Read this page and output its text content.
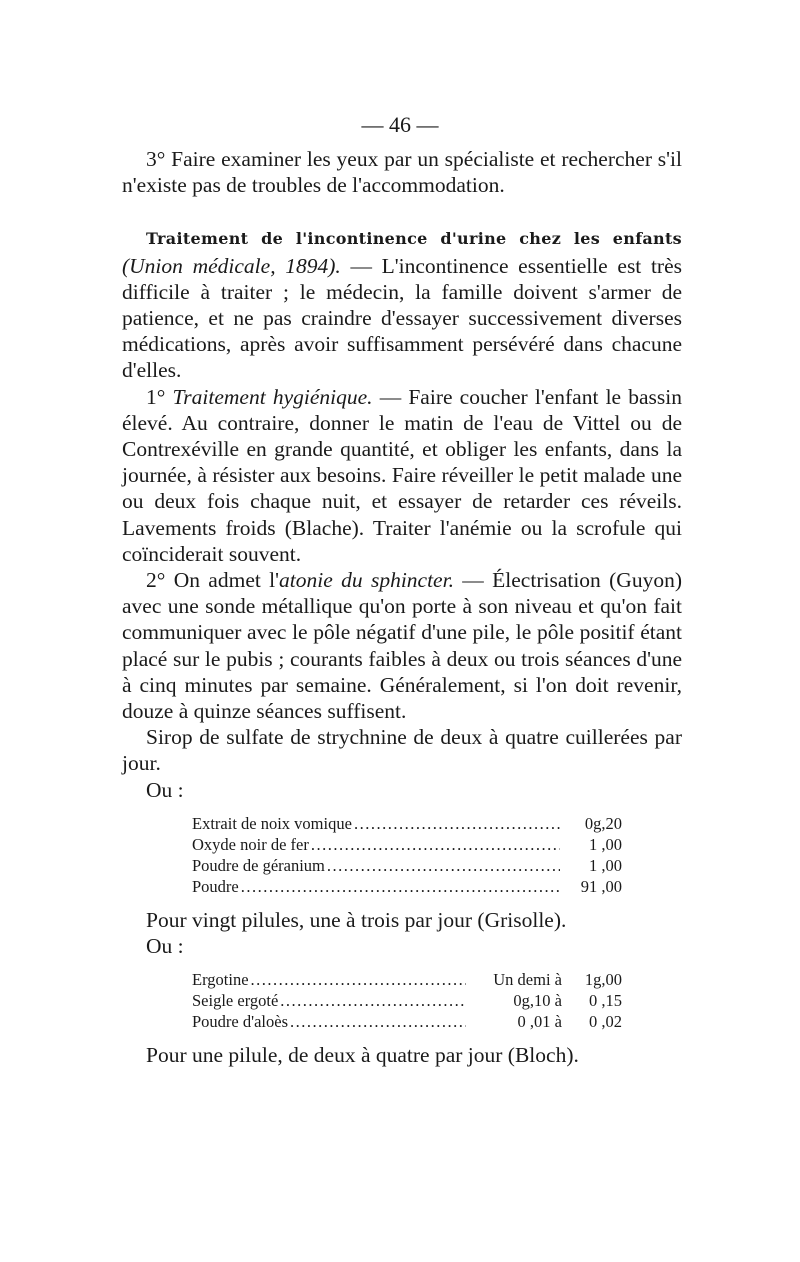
— 46 —

3° Faire examiner les yeux par un spécialiste et rechercher s'il n'existe pas de troubles de l'accommodation.

Traitement de l'incontinence d'urine chez les enfants (Union médicale, 1894). — L'incontinence essentielle est très difficile à traiter ; le médecin, la famille doivent s'armer de patience, et ne pas craindre d'essayer successivement diverses médications, après avoir suffisamment persévéré dans chacune d'elles.

1° Traitement hygiénique. — Faire coucher l'enfant le bassin élevé. Au contraire, donner le matin de l'eau de Vittel ou de Contrexéville en grande quantité, et obliger les enfants, dans la journée, à résister aux besoins. Faire réveiller le petit malade une ou deux fois chaque nuit, et essayer de retarder ces réveils. Lavements froids (Blache). Traiter l'anémie ou la scrofule qui coïnciderait souvent.

2° On admet l'atonie du sphincter. — Électrisation (Guyon) avec une sonde métallique qu'on porte à son niveau et qu'on fait communiquer avec le pôle négatif d'une pile, le pôle positif étant placé sur le pubis ; courants faibles à deux ou trois séances d'une à cinq minutes par semaine. Généralement, si l'on doit revenir, douze à quinze séances suffisent.

Sirop de sulfate de strychnine de deux à quatre cuillerées par jour.

Ou :

Extrait de noix vomique .....	0g,20
Oxyde noir de fer .....	1 ,00
Poudre de géranium .....	1 ,00
Poudre .....	91 ,00

Pour vingt pilules, une à trois par jour (Grisolle).

Ou :

Ergotine .....	Un demi à	1g,00
Seigle ergoté .....	0g,10 à	0 ,15
Poudre d'aloès .....	0 ,01 à	0 ,02

Pour une pilule, de deux à quatre par jour (Bloch).
